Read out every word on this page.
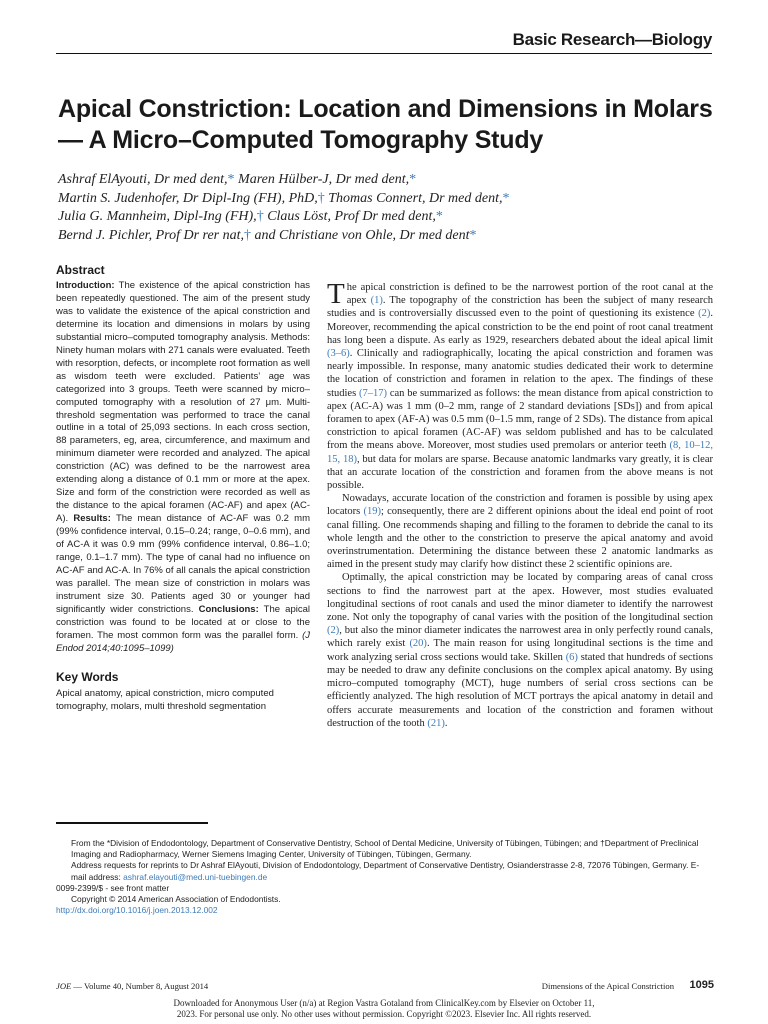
Basic Research—Biology
Apical Constriction: Location and Dimensions in Molars— A Micro–Computed Tomography Study
Ashraf ElAyouti, Dr med dent,* Maren Hülber-J, Dr med dent,*
Martin S. Judenhofer, Dr Dipl-Ing (FH), PhD,† Thomas Connert, Dr med dent,*
Julia G. Mannheim, Dipl-Ing (FH),† Claus Löst, Prof Dr med dent,*
Bernd J. Pichler, Prof Dr rer nat,† and Christiane von Ohle, Dr med dent*
Abstract
Introduction: The existence of the apical constriction has been repeatedly questioned. The aim of the present study was to validate the existence of the apical constriction and determine its location and dimensions in molars by using substantial micro–computed tomography analysis. Methods: Ninety human molars with 271 canals were evaluated. Teeth with resorption, defects, or incomplete root formation as well as wisdom teeth were excluded. Patients’ age was categorized into 3 groups. Teeth were scanned by micro–computed tomography with a resolution of 27 μm. Multi-threshold segmentation was performed to trace the canal outline in a total of 25,093 sections. In each cross section, 88 parameters, eg, area, circumference, and maximum and minimum diameter were recorded and analyzed. The apical constriction (AC) was defined to be the narrowest area extending along a distance of 0.1 mm or more at the apex. Size and form of the constriction were recorded as well as the distance to the apical foramen (AC-AF) and apex (AC-A). Results: The mean distance of AC-AF was 0.2 mm (99% confidence interval, 0.15–0.24; range, 0–0.6 mm), and of AC-A it was 0.9 mm (99% confidence interval, 0.86–1.0; range, 0.1–1.7 mm). The type of canal had no influence on AC-AF and AC-A. In 76% of all canals the apical constriction was parallel. The mean size of constriction in molars was instrument size 30. Patients aged 30 or younger had significantly wider constrictions. Conclusions: The apical constriction was found to be located at or close to the foramen. The most common form was the parallel form. (J Endod 2014;40:1095–1099)
Key Words
Apical anatomy, apical constriction, micro computed tomography, molars, multi threshold segmentation

The apical constriction is defined to be the narrowest portion of the root canal at the apex (1). The topography of the constriction has been the subject of many research studies and is controversially discussed even to the point of questioning its existence (2). Moreover, recommending the apical constriction to be the end point of root canal treatment has long been a dispute. As early as 1929, researchers debated about the ideal apical limit (3–6). Clinically and radiographically, locating the apical constriction and foramen was nearly impossible. In response, many anatomic studies dedicated their work to determine the location of constriction and foramen in relation to the apex. The findings of these studies (7–17) can be summarized as follows: the mean distance from apical constriction to apex (AC-A) was 1 mm (0–2 mm, range of 2 standard deviations [SDs]) and from apical foramen to apex (AF-A) was 0.5 mm (0–1.5 mm, range of 2 SDs). The distance from apical constriction to apical foramen (AC-AF) was seldom published and has to be calculated from the means above. Moreover, most studies used premolars or anterior teeth (8, 10–12, 15, 18), but data for molars are sparse. Because anatomic landmarks vary greatly, it is clear that an accurate location of the constriction and foramen from the above means is not possible.

Nowadays, accurate location of the constriction and foramen is possible by using apex locators (19); consequently, there are 2 different opinions about the ideal end point of root canal filling. One recommends shaping and filling to the foramen to debride the canal to its whole length and the other to the constriction to preserve the apical anatomy and avoid overinstrumentation. Determining the distance between these 2 anatomic landmarks as aimed in the present study may clarify how distinct these 2 scientific opinions are.

Optimally, the apical constriction may be located by comparing areas of canal cross sections to find the narrowest part at the apex. However, most studies evaluated longitudinal sections of root canals and used the minor diameter to identify the narrowest zone. Not only the topography of canal varies with the position of the longitudinal section (2), but also the minor diameter indicates the narrowest area in only perfectly round canals, which rarely exist (20). The main reason for using longitudinal sections is the time and work analyzing serial cross sections would take. Skillen (6) stated that hundreds of sections may be needed to draw any definite conclusions on the complex apical anatomy. By using micro–computed tomography (MCT), huge numbers of serial cross sections can be efficiently analyzed. The high resolution of MCT portrays the apical anatomy in detail and offers accurate measurements and location of the constriction and foramen without destruction of the tooth (21).

From the *Division of Endodontology, Department of Conservative Dentistry, School of Dental Medicine, University of Tübingen, Tübingen; and †Department of Preclinical Imaging and Radiopharmacy, Werner Siemens Imaging Center, University of Tübingen, Tübingen, Germany.
Address requests for reprints to Dr Ashraf ElAyouti, Division of Endodontology, Department of Conservative Dentistry, Osianderstrasse 2-8, 72076 Tübingen, Germany. E-mail address: ashraf.elayouti@med.uni-tuebingen.de
0099-2399/$ - see front matter
Copyright © 2014 American Association of Endodontists.
http://dx.doi.org/10.1016/j.joen.2013.12.002
JOE — Volume 40, Number 8, August 2014	Dimensions of the Apical Constriction 1095
Downloaded for Anonymous User (n/a) at Region Vastra Gotaland from ClinicalKey.com by Elsevier on October 11,
2023. For personal use only. No other uses without permission. Copyright ©2023. Elsevier Inc. All rights reserved.
